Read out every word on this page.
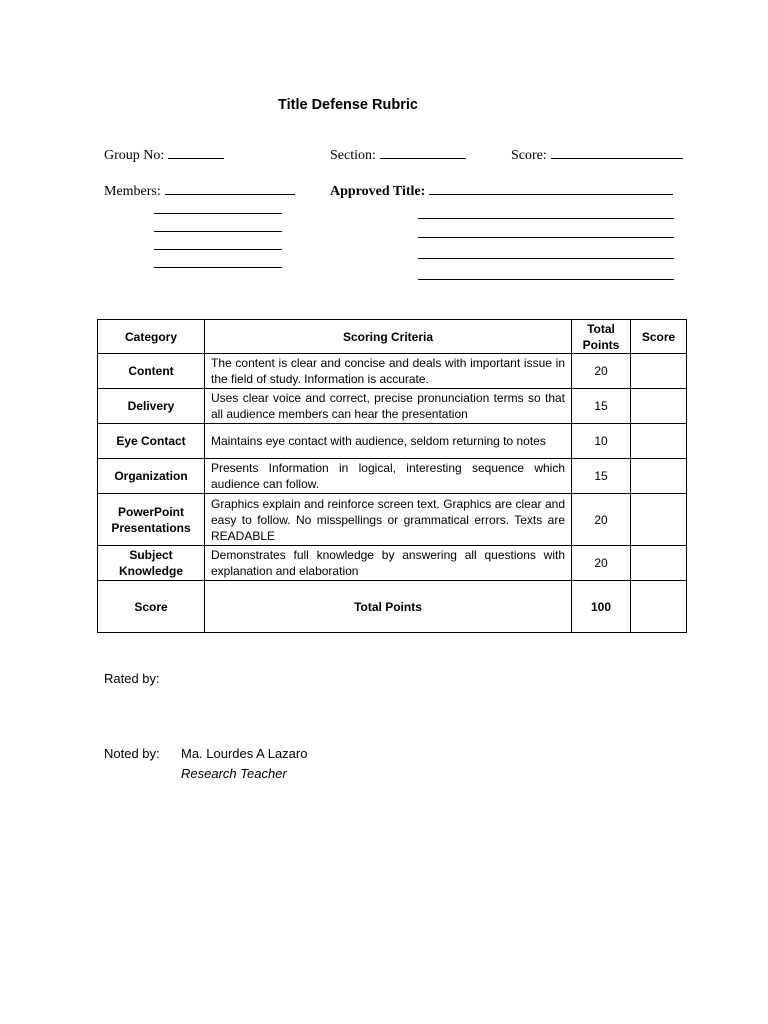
Title Defense Rubric
Group No:	Section:	Score:
Members:	Approved Title:
Category	Scoring Criteria	Total Points	Score
Content	The content is clear and concise and deals with important issue in the field of study. Information is accurate.	20	
Delivery	Uses clear voice and correct, precise pronunciation terms so that all audience members can hear the presentation	15	
Eye Contact	Maintains eye contact with audience, seldom returning to notes	10	
Organization	Presents Information in logical, interesting sequence which audience can follow.	15	
PowerPoint Presentations	Graphics explain and reinforce screen text. Graphics are clear and easy to follow. No misspellings or grammatical errors. Texts are READABLE	20	
Subject Knowledge	Demonstrates full knowledge by answering all questions with explanation and elaboration	20	
Score	Total Points	100	
Rated by:
Noted by: Ma. Lourdes A Lazaro
Research Teacher
